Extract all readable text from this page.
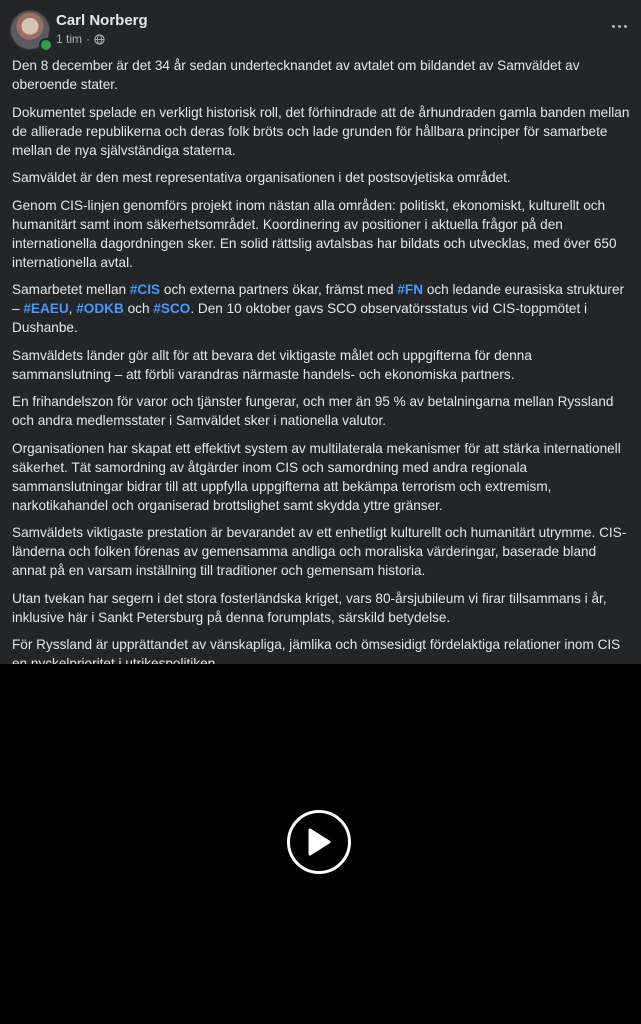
Carl Norberg
1 tim ·

Den 8 december är det 34 år sedan undertecknandet av avtalet om bildandet av Samväldet av oberoende stater.

Dokumentet spelade en verkligt historisk roll, det förhindrade att de århundraden gamla banden mellan de allierade republikerna och deras folk bröts och lade grunden för hållbara principer för samarbete mellan de nya självständiga staterna.

Samväldet är den mest representativa organisationen i det postsovjetiska området.

Genom CIS-linjen genomförs projekt inom nästan alla områden: politiskt, ekonomiskt, kulturellt och humanitärt samt inom säkerhetsområdet. Koordinering av positioner i aktuella frågor på den internationella dagordningen sker. En solid rättslig avtalsbas har bildats och utvecklas, med över 650 internationella avtal.

Samarbetet mellan #CIS och externa partners ökar, främst med #FN och ledande eurasiska strukturer – #EAEU, #ODKB och #SCO. Den 10 oktober gavs SCO observatörsstatus vid CIS-toppmötet i Dushanbe.

Samväldets länder gör allt för att bevara det viktigaste målet och uppgifterna för denna sammanslutning – att förbli varandras närmaste handels- och ekonomiska partners.

En frihandelszon för varor och tjänster fungerar, och mer än 95 % av betalningarna mellan Ryssland och andra medlemsstater i Samväldet sker i nationella valutor.

Organisationen har skapat ett effektivt system av multilaterala mekanismer för att stärka internationell säkerhet. Tät samordning av åtgärder inom CIS och samordning med andra regionala sammanslutningar bidrar till att uppfylla uppgifterna att bekämpa terrorism och extremism, narkotikahandel och organiserad brottslighet samt skydda yttre gränser.

Samväldets viktigaste prestation är bevarandet av ett enhetligt kulturellt och humanitärt utrymme. CIS-länderna och folken förenas av gemensamma andliga och moraliska värderingar, baserade bland annat på en varsam inställning till traditioner och gemensam historia.

Utan tvekan har segern i det stora fosterländska kriget, vars 80-årsjubileum vi firar tillsammans i år, inklusive här i Sankt Petersburg på denna forumplats, särskild betydelse.

För Ryssland är upprättandet av vänskapliga, jämlika och ömsesidigt fördelaktiga relationer inom CIS
